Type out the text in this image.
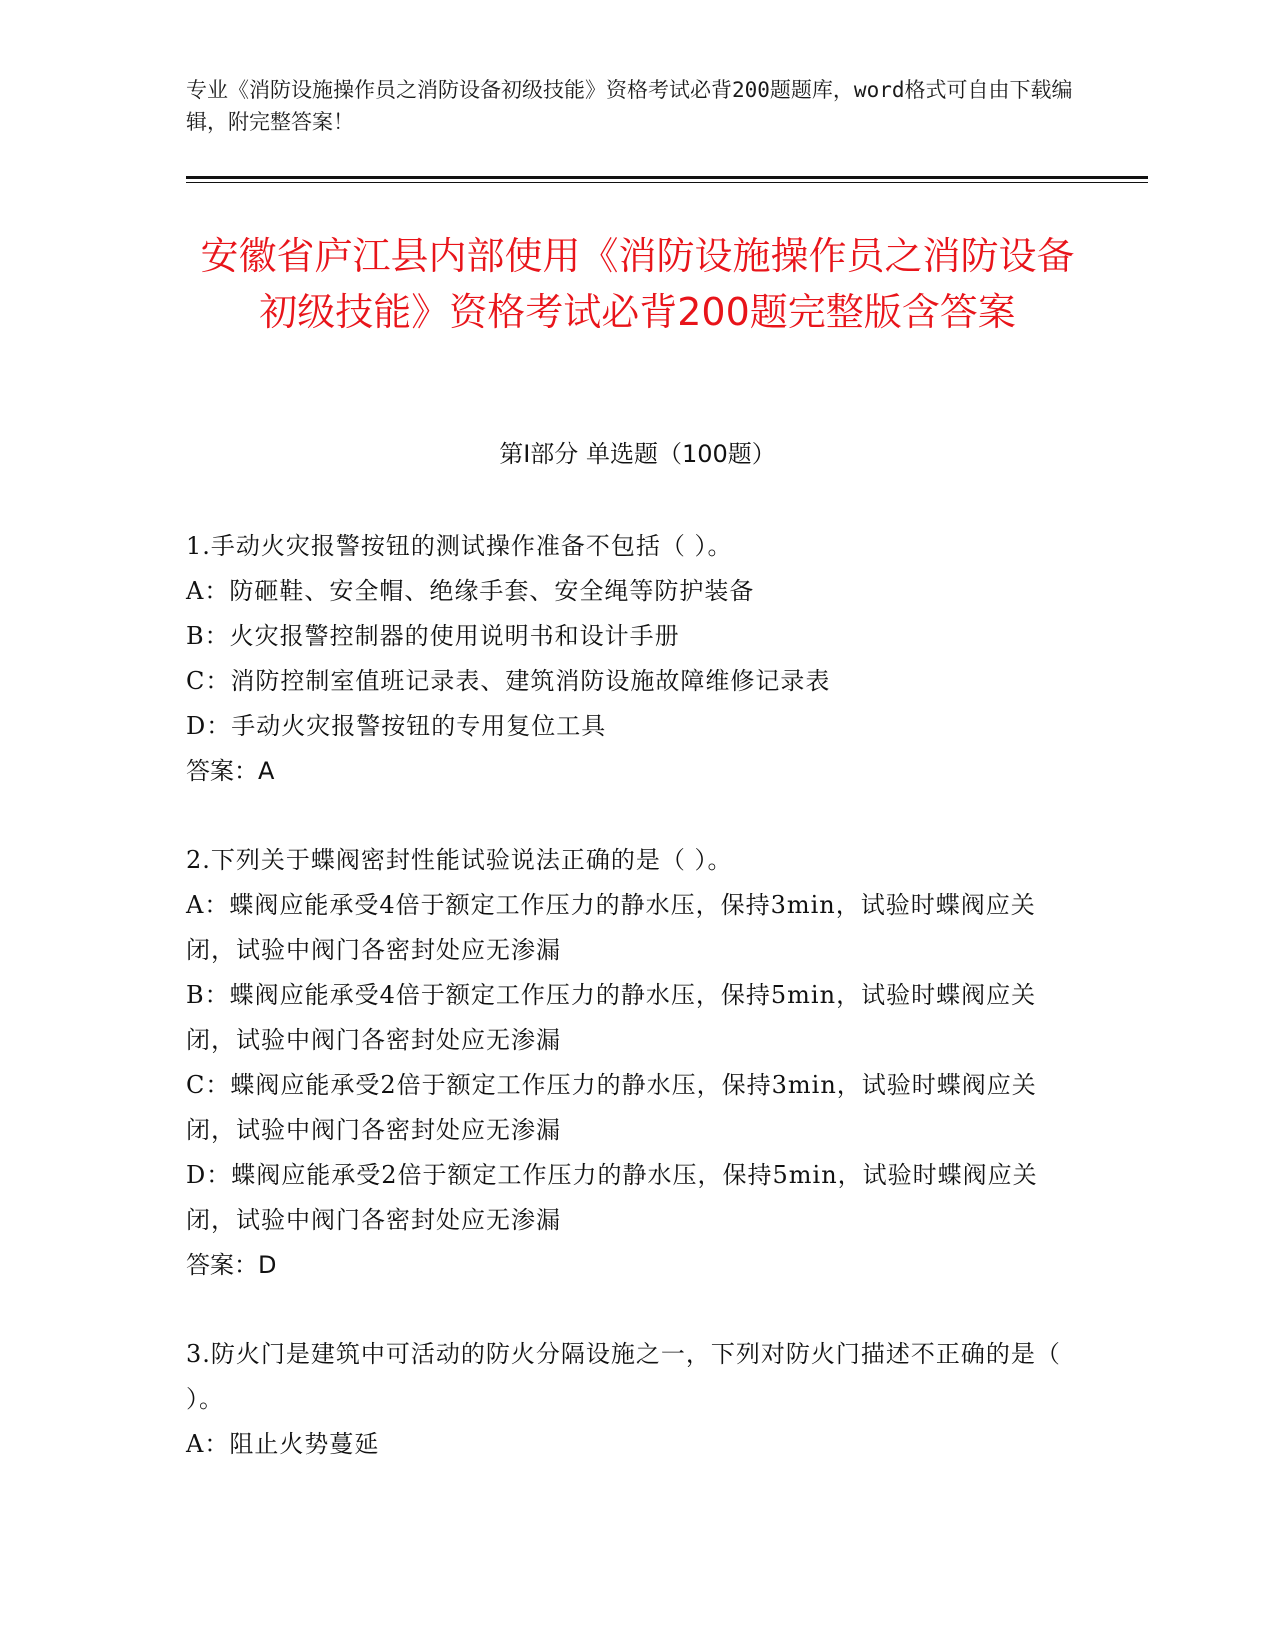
专业《消防设施操作员之消防设备初级技能》资格考试必背200题题库，word格式可自由下载编辑，附完整答案！

安徽省庐江县内部使用《消防设施操作员之消防设备初级技能》资格考试必背200题完整版含答案
第Ⅰ部分 单选题（100题）

1.手动火灾报警按钮的测试操作准备不包括（ ）。

A：防砸鞋、安全帽、绝缘手套、安全绳等防护装备

B：火灾报警控制器的使用说明书和设计手册

C：消防控制室值班记录表、建筑消防设施故障维修记录表

D：手动火灾报警按钮的专用复位工具

答案：A

2.下列关于蝶阀密封性能试验说法正确的是（ ）。

A：蝶阀应能承受4倍于额定工作压力的静水压，保持3min，试验时蝶阀应关闭，试验中阀门各密封处应无渗漏

B：蝶阀应能承受4倍于额定工作压力的静水压，保持5min，试验时蝶阀应关闭，试验中阀门各密封处应无渗漏

C：蝶阀应能承受2倍于额定工作压力的静水压，保持3min，试验时蝶阀应关闭，试验中阀门各密封处应无渗漏

D：蝶阀应能承受2倍于额定工作压力的静水压，保持5min，试验时蝶阀应关闭，试验中阀门各密封处应无渗漏

答案：D

3.防火门是建筑中可活动的防火分隔设施之一，下列对防火门描述不正确的是（ ）。

A：阻止火势蔓延
